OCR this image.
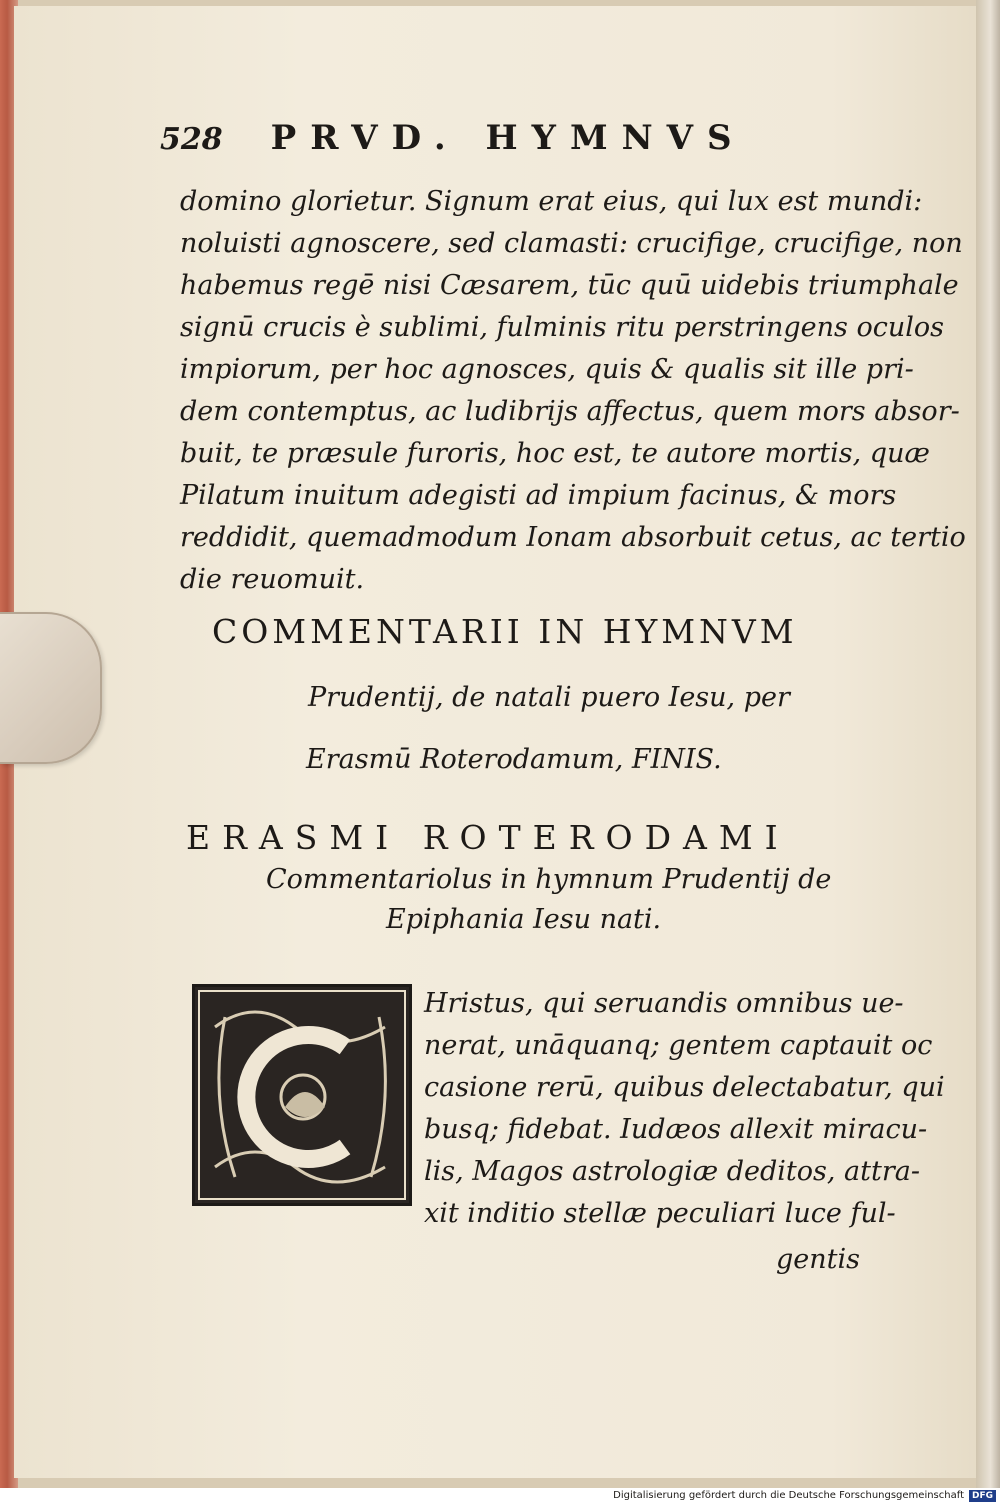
528 PRVD. HYMNVS
domino glorietur. Signum erat eius, qui lux est mundi:
noluisti agnoscere, sed clamasti: crucifige, crucifige, non
habemus regē nisi Cæsarem, tūc quū uidebis triumphale
signū crucis è sublimi, fulminis ritu perstringens oculos
impiorum, per hoc agnosces, quis & qualis sit ille pri-
dem contemptus, ac ludibrijs affectus, quem mors absor-
buit, te præsule furoris, hoc est, te autore mortis, quæ
Pilatum inuitum adegisti ad impium facinus, & mors
reddidit, quemadmodum Ionam absorbuit cetus, ac tertio
die reuomuit.
COMMENTARII IN HYMNVM
Prudentij, de natali puero Iesu, per
Erasmū Roterodamum, FINIS.
ERASMI ROTERODAMI
Commentariolus in hymnum Prudentij de
Epiphania Iesu nati.
Hristus, qui seruandis omnibus ue-
nerat, unāquanq; gentem captauit oc
casione rerū, quibus delectabatur, qui
busq; fidebat. Iudæos allexit miracu-
lis, Magos astrologiæ deditos, attra-
xit inditio stellæ peculiari luce ful-
gentis
Digitalisierung gefördert durch die Deutsche Forschungsgemeinschaft DFG
